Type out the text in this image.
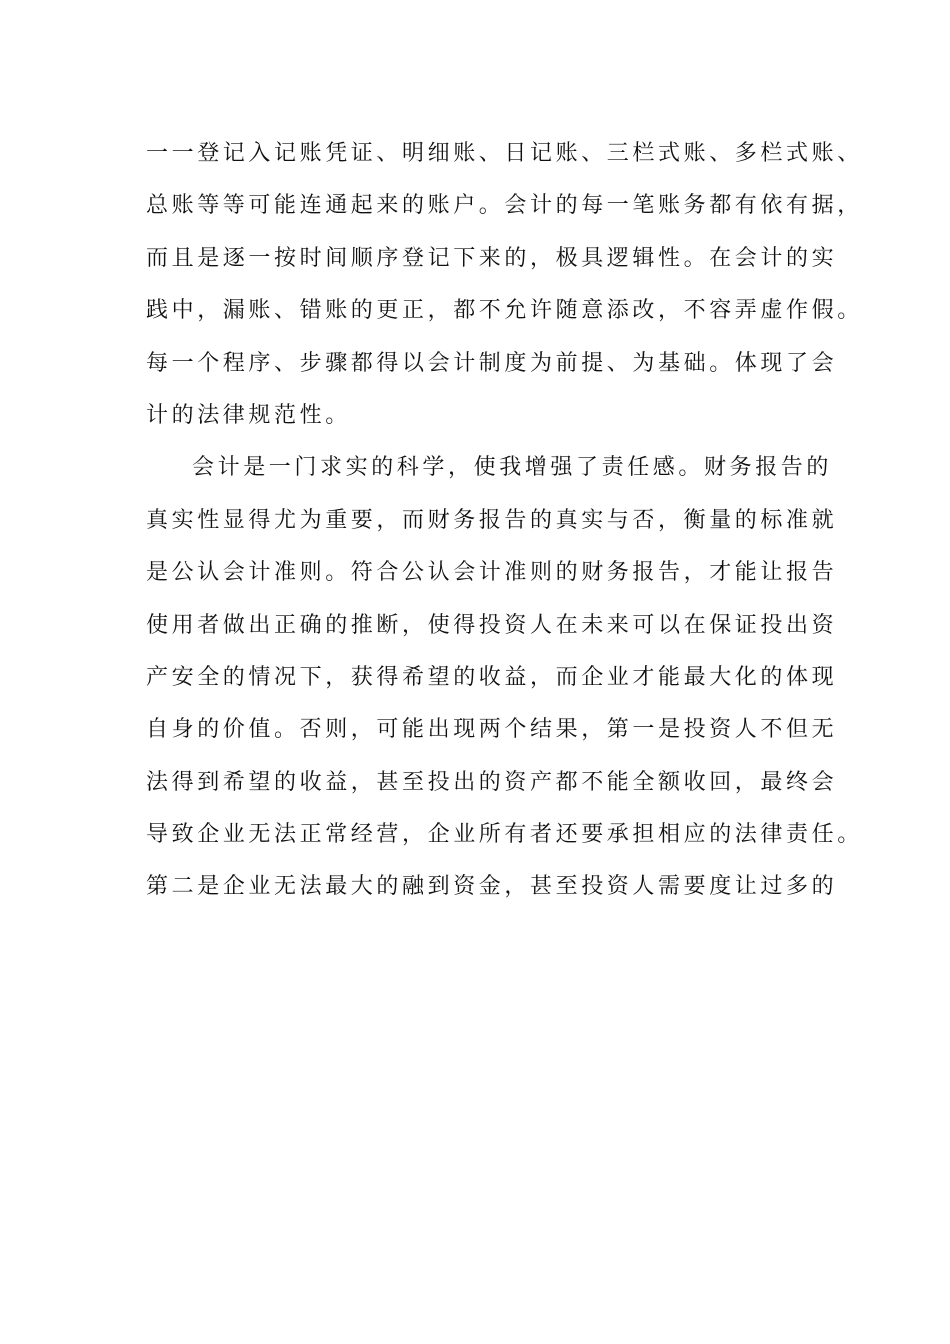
一一登记入记账凭证、明细账、日记账、三栏式账、多栏式账、
总账等等可能连通起来的账户。会计的每一笔账务都有依有据，
而且是逐一按时间顺序登记下来的，极具逻辑性。在会计的实
践中，漏账、错账的更正，都不允许随意添改，不容弄虚作假。
每一个程序、步骤都得以会计制度为前提、为基础。体现了会
计的法律规范性。
会计是一门求实的科学，使我增强了责任感。财务报告的
真实性显得尤为重要，而财务报告的真实与否，衡量的标准就
是公认会计准则。符合公认会计准则的财务报告，才能让报告
使用者做出正确的推断，使得投资人在未来可以在保证投出资
产安全的情况下，获得希望的收益，而企业才能最大化的体现
自身的价值。否则，可能出现两个结果，第一是投资人不但无
法得到希望的收益，甚至投出的资产都不能全额收回，最终会
导致企业无法正常经营，企业所有者还要承担相应的法律责任。
第二是企业无法最大的融到资金，甚至投资人需要度让过多的
